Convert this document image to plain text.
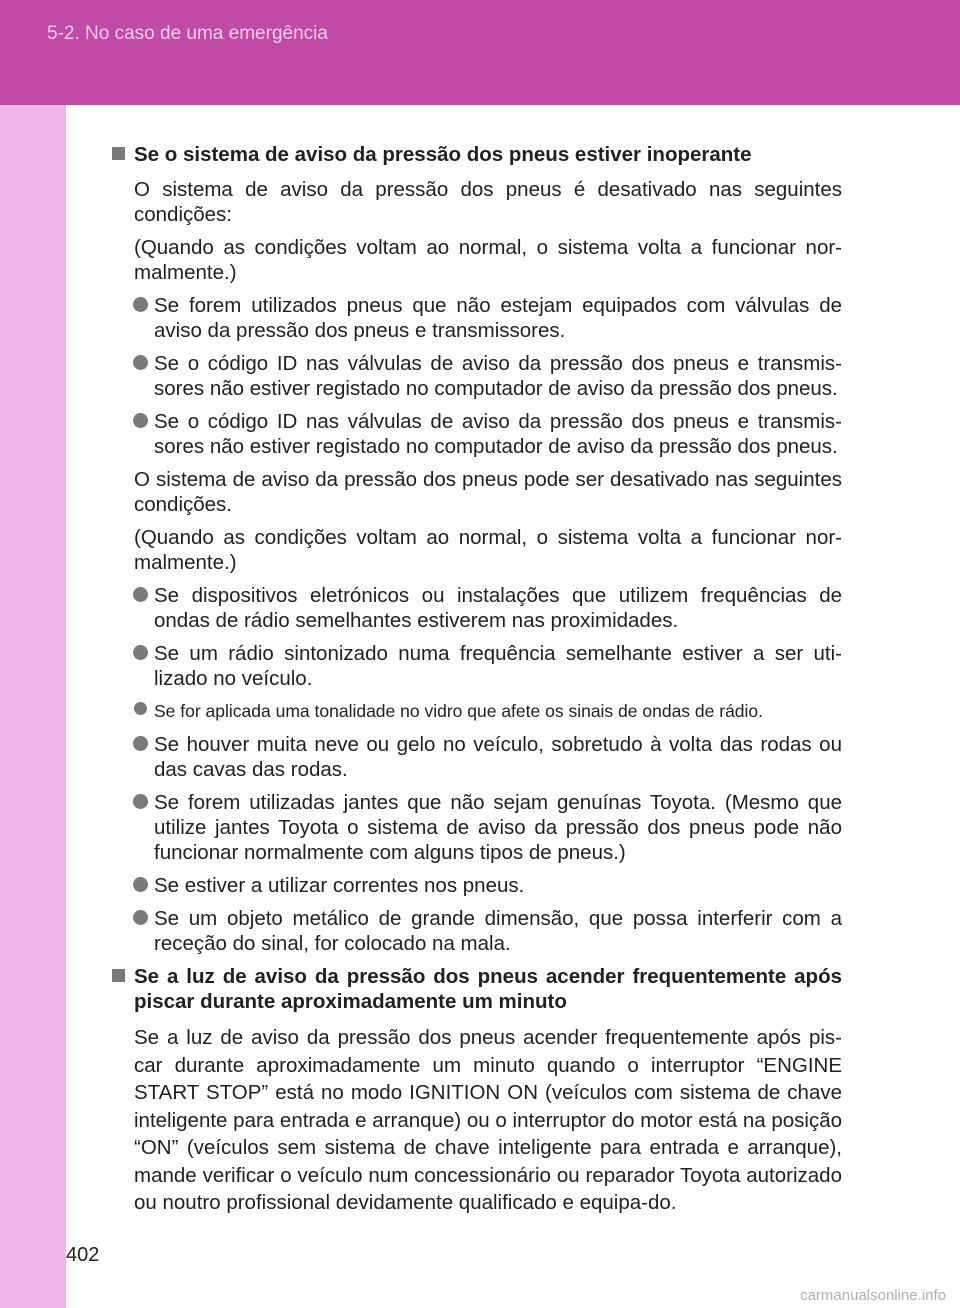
5-2. No caso de uma emergência
Se o sistema de aviso da pressão dos pneus estiver inoperante
O sistema de aviso da pressão dos pneus é desativado nas seguintes condições:
(Quando as condições voltam ao normal, o sistema volta a funcionar nor-malmente.)
Se forem utilizados pneus que não estejam equipados com válvulas de aviso da pressão dos pneus e transmissores.
Se o código ID nas válvulas de aviso da pressão dos pneus e transmis-sores não estiver registado no computador de aviso da pressão dos pneus.
Se o código ID nas válvulas de aviso da pressão dos pneus e transmis-sores não estiver registado no computador de aviso da pressão dos pneus.
O sistema de aviso da pressão dos pneus pode ser desativado nas seguintes condições.
(Quando as condições voltam ao normal, o sistema volta a funcionar nor-malmente.)
Se dispositivos eletrónicos ou instalações que utilizem frequências de ondas de rádio semelhantes estiverem nas proximidades.
Se um rádio sintonizado numa frequência semelhante estiver a ser uti-lizado no veículo.
Se for aplicada uma tonalidade no vidro que afete os sinais de ondas de rádio.
Se houver muita neve ou gelo no veículo, sobretudo à volta das rodas ou das cavas das rodas.
Se forem utilizadas jantes que não sejam genuínas Toyota. (Mesmo que utilize jantes Toyota o sistema de aviso da pressão dos pneus pode não funcionar normalmente com alguns tipos de pneus.)
Se estiver a utilizar correntes nos pneus.
Se um objeto metálico de grande dimensão, que possa interferir com a receção do sinal, for colocado na mala.
Se a luz de aviso da pressão dos pneus acender frequentemente após piscar durante aproximadamente um minuto
Se a luz de aviso da pressão dos pneus acender frequentemente após pis-car durante aproximadamente um minuto quando o interruptor “ENGINE START STOP” está no modo IGNITION ON (veículos com sistema de chave inteligente para entrada e arranque) ou o interruptor do motor está na posição “ON” (veículos sem sistema de chave inteligente para entrada e arranque), mande verificar o veículo num concessionário ou reparador Toyota autorizado ou noutro profissional devidamente qualificado e equipa-do.
402
carmanualsonline.info
